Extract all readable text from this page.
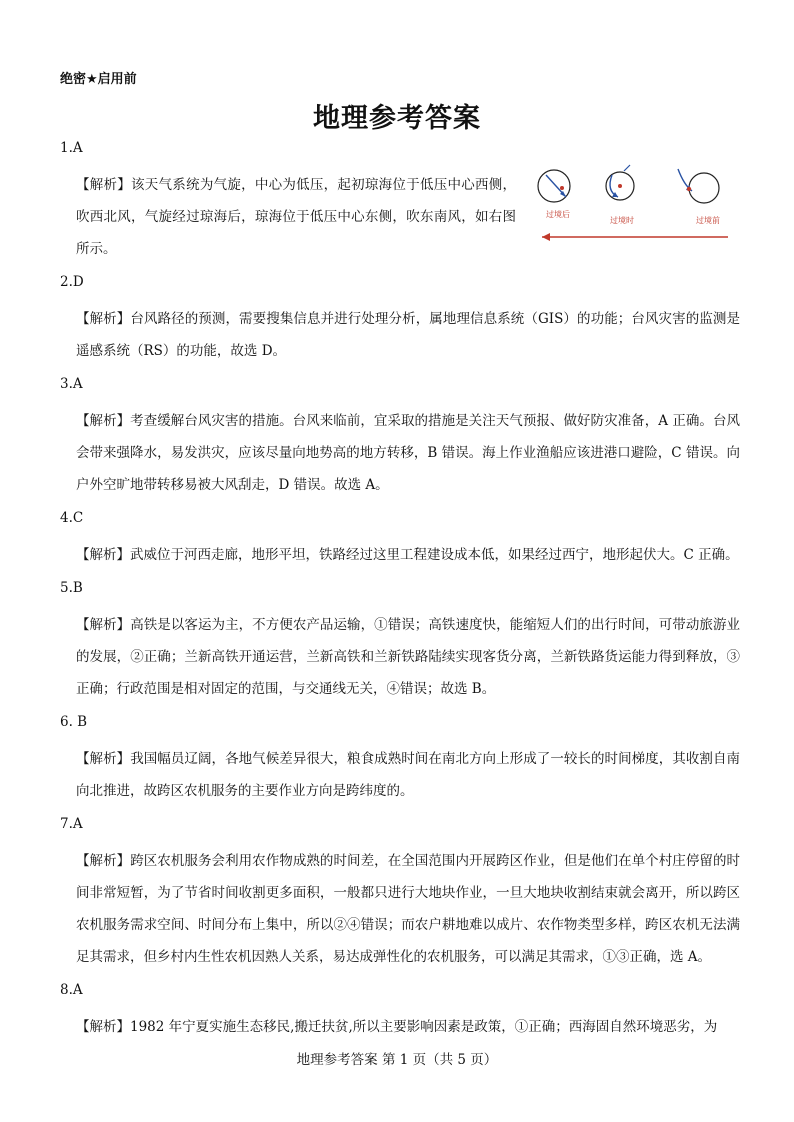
绝密★启用前
地理参考答案
1.A
【解析】该天气系统为气旋，中心为低压，起初琼海位于低压中心西侧，吹西北风，气旋经过琼海后，琼海位于低压中心东侧，吹东南风，如右图所示。
过境后
过境时	过境前
2.D
【解析】台风路径的预测，需要搜集信息并进行处理分析，属地理信息系统（GIS）的功能；台风灾害的监测是遥感系统（RS）的功能，故选 D。
3.A
【解析】考查缓解台风灾害的措施。台风来临前，宜采取的措施是关注天气预报、做好防灾准备，A 正确。台风会带来强降水，易发洪灾，应该尽量向地势高的地方转移，B 错误。海上作业渔船应该进港口避险，C 错误。向户外空旷地带转移易被大风刮走，D 错误。故选 A。
4.C
【解析】武威位于河西走廊，地形平坦，铁路经过这里工程建设成本低，如果经过西宁，地形起伏大。C 正确。
5.B
【解析】高铁是以客运为主，不方便农产品运输，①错误；高铁速度快，能缩短人们的出行时间，可带动旅游业的发展，②正确；兰新高铁开通运营，兰新高铁和兰新铁路陆续实现客货分离，兰新铁路货运能力得到释放，③正确；行政范围是相对固定的范围，与交通线无关，④错误；故选 B。
6. B
【解析】我国幅员辽阔，各地气候差异很大，粮食成熟时间在南北方向上形成了一较长的时间梯度，其收割自南向北推进，故跨区农机服务的主要作业方向是跨纬度的。
7.A
【解析】跨区农机服务会利用农作物成熟的时间差，在全国范围内开展跨区作业，但是他们在单个村庄停留的时间非常短暂，为了节省时间收割更多面积，一般都只进行大地块作业，一旦大地块收割结束就会离开，所以跨区农机服务需求空间、时间分布上集中，所以②④错误；而农户耕地难以成片、农作物类型多样，跨区农机无法满足其需求，但乡村内生性农机因熟人关系，易达成弹性化的农机服务，可以满足其需求，①③正确，选 A。
8.A
【解析】1982 年宁夏实施生态移民,搬迁扶贫,所以主要影响因素是政策，①正确；西海固自然环境恶劣，为
地理参考答案 第 1 页（共 5 页）
